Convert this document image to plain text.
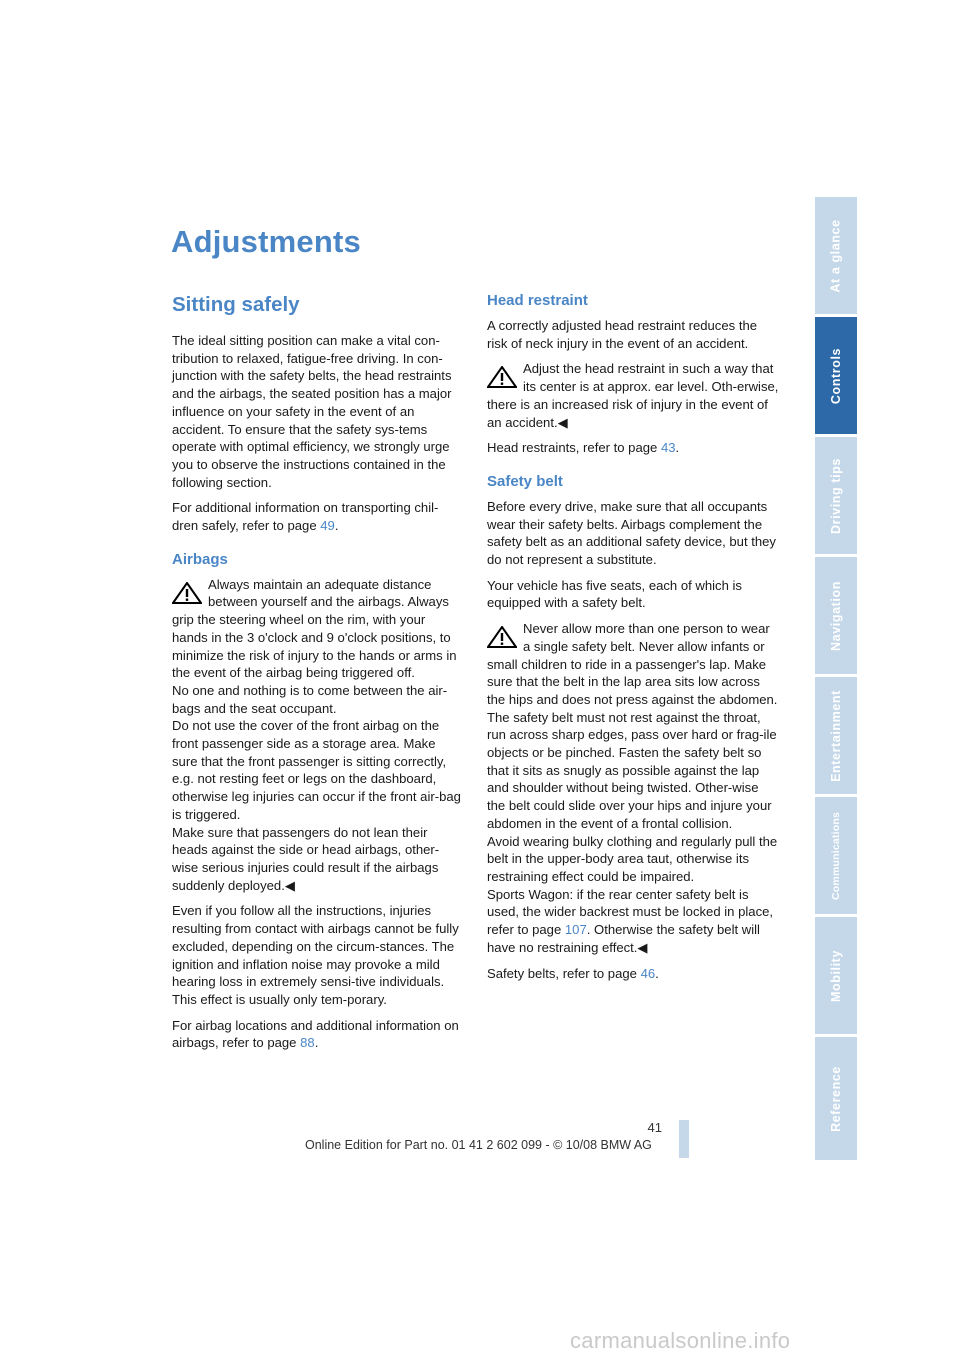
Adjustments
Sitting safely

The ideal sitting position can make a vital con-tribution to relaxed, fatigue-free driving. In con-junction with the safety belts, the head restraints and the airbags, the seated position has a major influence on your safety in the event of an accident. To ensure that the safety sys-tems operate with optimal efficiency, we strongly urge you to observe the instructions contained in the following section.

For additional information on transporting chil-dren safely, refer to page 49.

Airbags
Always maintain an adequate distance between yourself and the airbags. Always grip the steering wheel on the rim, with your hands in the 3 o'clock and 9 o'clock positions, to minimize the risk of injury to the hands or arms in the event of the airbag being triggered off.
No one and nothing is to come between the air-bags and the seat occupant.
Do not use the cover of the front airbag on the front passenger side as a storage area. Make sure that the front passenger is sitting correctly, e.g. not resting feet or legs on the dashboard, otherwise leg injuries can occur if the front air-bag is triggered.
Make sure that passengers do not lean their heads against the side or head airbags, other-wise serious injuries could result if the airbags suddenly deployed.◀

Even if you follow all the instructions, injuries resulting from contact with airbags cannot be fully excluded, depending on the circum-stances. The ignition and inflation noise may provoke a mild hearing loss in extremely sensi-tive individuals. This effect is usually only tem-porary.

For airbag locations and additional information on airbags, refer to page 88.

Head restraint

A correctly adjusted head restraint reduces the risk of neck injury in the event of an accident.

Adjust the head restraint in such a way that its center is at approx. ear level. Oth-erwise, there is an increased risk of injury in the event of an accident.◀

Head restraints, refer to page 43.

Safety belt

Before every drive, make sure that all occupants wear their safety belts. Airbags complement the safety belt as an additional safety device, but they do not represent a substitute.

Your vehicle has five seats, each of which is equipped with a safety belt.

Never allow more than one person to wear a single safety belt. Never allow infants or small children to ride in a passenger's lap. Make sure that the belt in the lap area sits low across the hips and does not press against the abdomen.
The safety belt must not rest against the throat, run across sharp edges, pass over hard or frag-ile objects or be pinched. Fasten the safety belt so that it sits as snugly as possible against the lap and shoulder without being twisted. Other-wise the belt could slide over your hips and injure your abdomen in the event of a frontal collision.
Avoid wearing bulky clothing and regularly pull the belt in the upper-body area taut, otherwise its restraining effect could be impaired.
Sports Wagon: if the rear center safety belt is used, the wider backrest must be locked in place, refer to page 107. Otherwise the safety belt will have no restraining effect.◀

Safety belts, refer to page 46.

At a glance
Controls
Driving tips
Navigation
Entertainment
Communications
Mobility
Reference
41
Online Edition for Part no. 01 41 2 602 099 - © 10/08 BMW AG
carmanualsonline.info
